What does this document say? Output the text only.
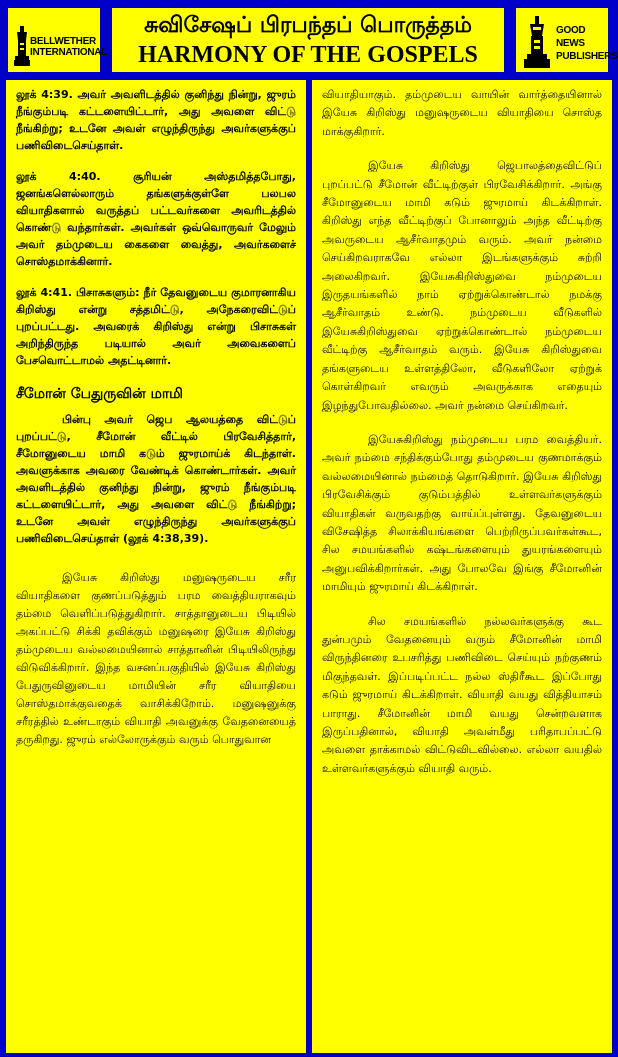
BELLWETHER
INTERNATIONAL
சுவிசேஷப் பிரபந்தப் பொருத்தம்
HARMONY OF THE GOSPELS
GOOD NEWS
PUBLISHERS

லூக் 4:39. அவர் அவளிடத்தில் குனிந்து நின்று, ஜுரம் நீங்கும்படி கட்டளையிட்டார், அது அவளை விட்டு நீங்கிற்று; உடனே அவள் எழுந்திருந்து அவர்களுக்குப் பணிவிடைசெய்தாள்.

லூக் 4:40. சூரியன் அஸ்தமித்தபோது, ஜனங்களெல்லாரும் தங்களுக்குள்ளே பலபல வியாதிகளால் வருத்தப் பட்டவர்களை அவரிடத்தில் கொண்டு வந்தார்கள். அவர்கள் ஒவ்வொருவர் மேலும் அவர் தம்முடைய கைகளை வைத்து, அவர்களைச் சொஸ்தமாக்கினார்.

லூக் 4:41. பிசாசுகளும்: நீர் தேவனுடைய குமாரனாகிய கிறிஸ்து என்று சத்தமிட்டு, அநேகரைவிட்டுப் புறப்பட்டது. அவரைக் கிறிஸ்து என்று பிசாசுகள் அறிந்திருந்த படியால் அவர் அவைகளைப் பேசவொட்டாமல் அதட்டினார்.

சீமோன் பேதுருவின் மாமி

பின்பு அவர் ஜெப ஆலயத்தை விட்டுப் புறப்பட்டு, சீமோன் வீட்டில் பிரவேசித்தார், சீமோனுடைய மாமி கடும் ஜுரமாய்க் கிடந்தாள். அவளுக்காக அவரை வேண்டிக் கொண்டார்கள். அவர் அவளிடத்தில் குனிந்து நின்று, ஜுரம் நீங்கும்படி கட்டளையிட்டார், அது அவளை விட்டு நீங்கிற்று; உடனே அவள் எழுந்திருந்து அவர்களுக்குப் பணிவிடைசெய்தாள் (லூக் 4:38,39).

இயேசு கிறிஸ்து மனுஷருடைய சரீர வியாதிகளை குணப்படுத்தும் பரம வைத்தியராகவும் தம்மை வெளிப்படுத்துகிறார். சாத்தானுடைய பிடியில் அகப்பட்டு சிக்கி தவிக்கும் மனுஷரை இயேசு கிறிஸ்து தம்முடைய வல்லமையினால் சாத்தானின் பிடியிலிருந்து விடுவிக்கிறார். இந்த வசனப்பகுதியில் இயேசு கிறிஸ்து பேதுருவினுடைய மாமியின் சரீர வியாதியை சொஸ்தமாக்குவதைக் வாசிக்கிறோம். மனுஷனுக்கு சரீரத்தில் உண்டாகும் வியாதி அவனுக்கு வேதனையைத் தருகிறது. ஜுரம் எல்லோருக்கும் வரும் பொதுவான

வியாதியாகும். தம்முடைய வாயின் வார்த்தையினால் இயேசு கிறிஸ்து மனுஷருடைய வியாதியை சொஸ்த மாக்குகிறார்.

இயேசு கிறிஸ்து ஜெபாலத்தைவிட்டுப் புறப்பட்டு சீமோன் வீட்டிற்குள் பிரவேசிக்கிறார். அங்கு சீமோனுடைய மாமி கடும் ஜுரமாய் கிடக்கிறாள். கிறிஸ்து எந்த வீட்டிற்குப் போனாலும் அந்த வீட்டிற்கு அவருடைய ஆசீர்வாதமும் வரும். அவர் நன்மை செய்கிறவராகவே எல்லா இடங்களுக்கும் சுற்றி அலைகிறவர். இயேசுகிறிஸ்துவை நம்முடைய இருதயங்களில் நாம் ஏற்றுக்கொண்டால் நமக்கு ஆசீர்வாதம் உண்டு. நம்முடைய வீடுகளில் இயேசுகிறிஸ்துவை ஏற்றுக்கொண்டால் நம்முடைய வீட்டிற்கு ஆசீர்வாதம் வரும். இயேசு கிறிஸ்துவை தங்களுடைய உள்ளத்திலோ, வீடுகளிலோ ஏற்றுக் கொள்கிறவர் எவரும் அவருக்காக எதையும் இழந்துபோவதில்லை. அவர் நன்மை செய்கிறவர்.

இயேசுகிறிஸ்து நம்முடைய பரம வைத்தியர். அவர் நம்மை சந்திக்கும்போது தம்முடைய குணமாக்கும் வல்லமையினால் நம்மைத் தொடுகிறார். இயேசு கிறிஸ்து பிரவேசிக்கும் குடும்பத்தில் உள்ளவர்களுக்கும் வியாதிகள் வருவதற்கு வாய்ப்புள்ளது. தேவனுடைய விசேஷித்த சிலாக்கியங்களை பெற்றிருப்பவர்கள்கூட, சில சமயங்களில் கஷ்டங்களையும் துயரங்களையும் அனுபவிக்கிறார்கள். அது போலவே இங்கு சீமோனின் மாமியும் ஜுரமாய் கிடக்கிறாள்.

சில சமயங்களில் நல்லவர்களுக்கு கூட துன்பமும் வேதனையும் வரும் சீமோனின் மாமி விருந்தினரை உபசரித்து பணிவிடை செய்யும் நற்குணம் மிகுந்தவள். இப்படிப்பட்ட நல்ல ஸ்திரீகூட இப்போது கடும் ஜுரமாய் கிடக்கிறாள். வியாதி வயது வித்தியாசம் பாராது. சீமோனின் மாமி வயது சென்றவளாக இருப்பதினால், வியாதி அவள்மீது பரிதாபப்பட்டு அவளை தாக்காமல் விட்டுவிடவில்லை. எல்லா வயதில் உள்ளவர்களுக்கும் வியாதி வரும்.
